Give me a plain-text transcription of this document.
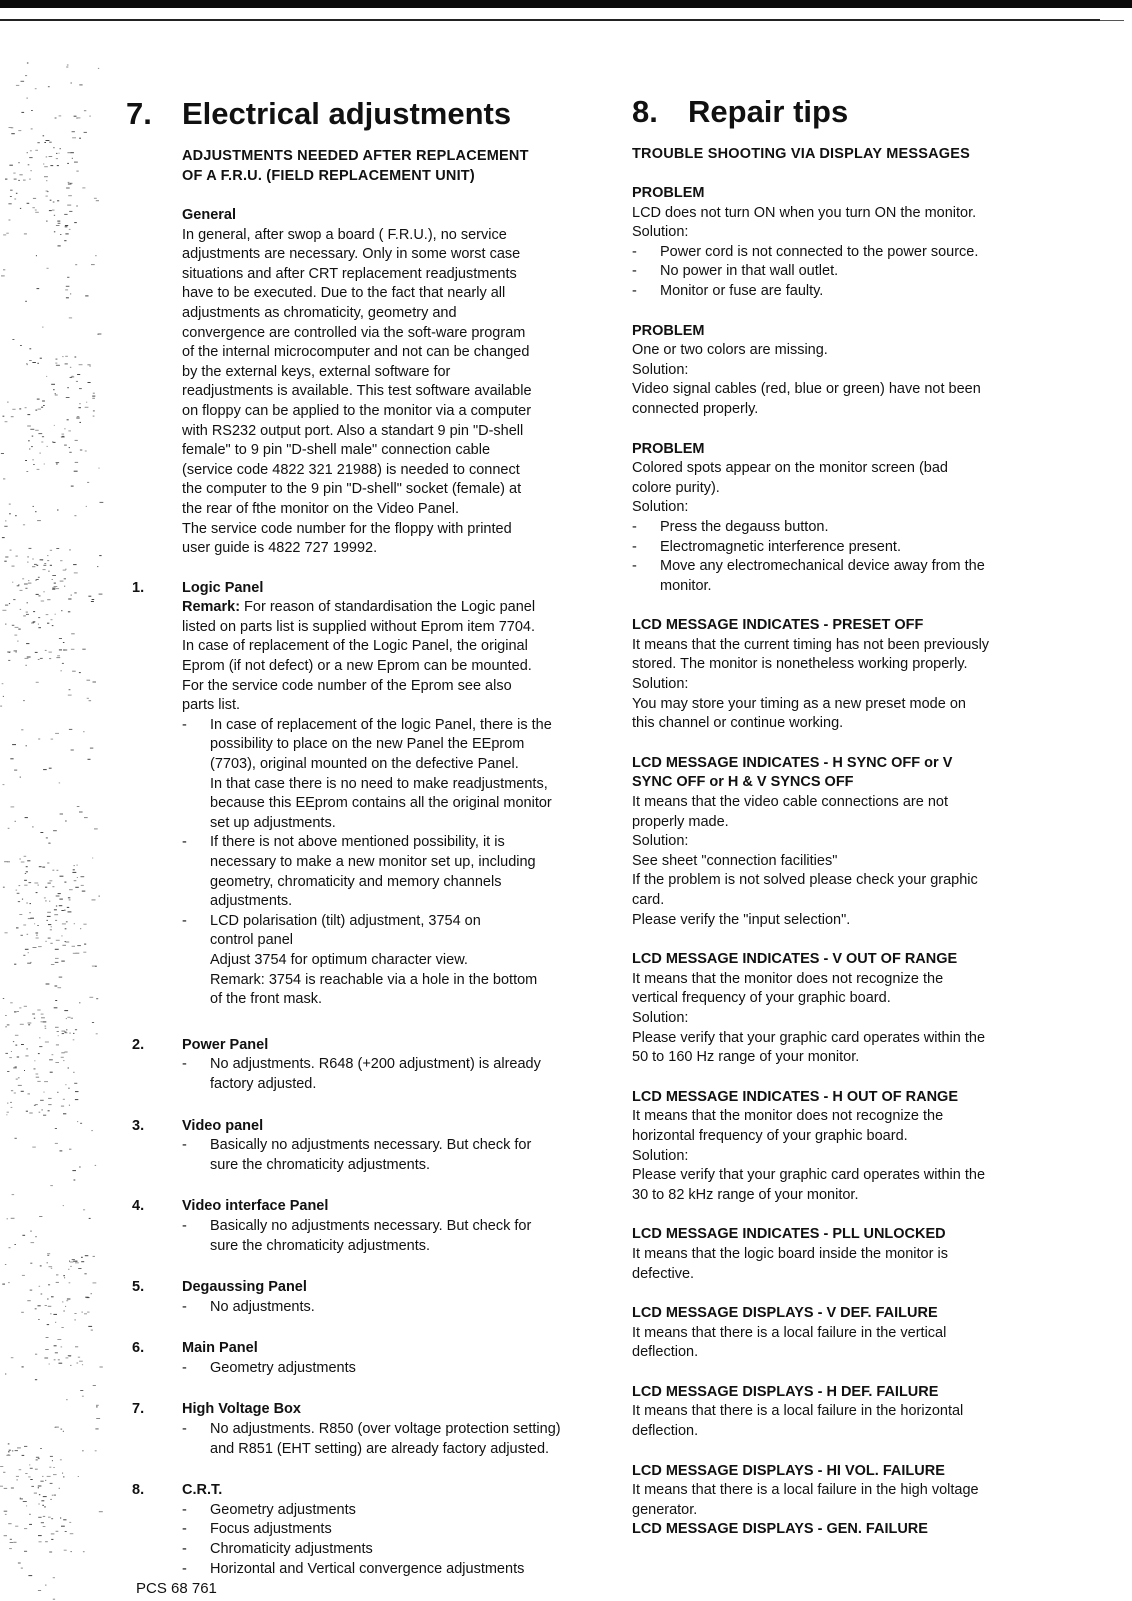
7. Electrical adjustments
ADJUSTMENTS NEEDED AFTER REPLACEMENT
OF A F.R.U. (FIELD REPLACEMENT UNIT)
General
In general, after swop a board ( F.R.U.), no service
adjustments are necessary. Only in some worst case
situations and after CRT replacement readjustments
have to be executed. Due to the fact that nearly all
adjustments as chromaticity, geometry and
convergence are controlled via the soft-ware program
of the internal microcomputer and not can be changed
by the external keys, external software for
readjustments is available. This test software available
on floppy can be applied to the monitor via a computer
with RS232 output port. Also a standart 9 pin "D-shell
female" to 9 pin "D-shell male" connection cable
(service code 4822 321 21988) is needed to connect
the computer to the 9 pin "D-shell" socket (female) at
the rear of fthe monitor on the Video Panel.
The service code number for the floppy with printed
user guide is 4822 727 19992.
1.	Logic Panel
Remark: For reason of standardisation the Logic panel
listed on parts list is supplied without Eprom item 7704.
In case of replacement of the Logic Panel, the original
Eprom (if not defect) or a new Eprom can be mounted.
For the service code number of the Eprom see also
parts list.
-	In case of replacement of the logic Panel, there is the
possibility to place on the new Panel the EEprom
(7703), original mounted on the defective Panel.
In that case there is no need to make readjustments,
because this EEprom contains all the original monitor
set up adjustments.
-	If there is not above mentioned possibility, it is
necessary to make a new monitor set up, including
geometry, chromaticity and memory channels
adjustments.
-	LCD polarisation (tilt) adjustment, 3754 on
control panel
Adjust 3754 for optimum character view.
Remark: 3754 is reachable via a hole in the bottom
of the front mask.
2.	Power Panel
-	No adjustments. R648 (+200 adjustment) is already
factory adjusted.
3.	Video panel
-	Basically no adjustments necessary. But check for
sure the chromaticity adjustments.
4.	Video interface Panel
-	Basically no adjustments necessary. But check for
sure the chromaticity adjustments.
5.	Degaussing Panel
-	No adjustments.
6.	Main Panel
-	Geometry adjustments
7.	High Voltage Box
-	No adjustments. R850 (over voltage protection setting)
and R851 (EHT setting) are already factory adjusted.
8.	C.R.T.
-	Geometry adjustments
-	Focus adjustments
-	Chromaticity adjustments
-	Horizontal and Vertical convergence adjustments
8. Repair tips
TROUBLE SHOOTING VIA DISPLAY MESSAGES
PROBLEM
LCD does not turn ON when you turn ON the monitor.
Solution:
-	Power cord is not connected to the power source.
-	No power in that wall outlet.
-	Monitor or fuse are faulty.
PROBLEM
One or two colors are missing.
Solution:
Video signal cables (red, blue or green) have not been
connected properly.
PROBLEM
Colored spots appear on the monitor screen (bad
colore purity).
Solution:
-	Press the degauss button.
-	Electromagnetic interference present.
-	Move any electromechanical device away from the
monitor.
LCD MESSAGE INDICATES - PRESET OFF
It means that the current timing has not been previously
stored. The monitor is nonetheless working properly.
Solution:
You may store your timing as a new preset mode on
this channel or continue working.
LCD MESSAGE INDICATES - H SYNC OFF or V
SYNC OFF or H & V SYNCS OFF
It means that the video cable connections are not
properly made.
Solution:
See sheet "connection facilities"
If the problem is not solved please check your graphic
card.
Please verify the "input selection".
LCD MESSAGE INDICATES - V OUT OF RANGE
It means that the monitor does not recognize the
vertical frequency of your graphic board.
Solution:
Please verify that your graphic card operates within the
50 to 160 Hz range of your monitor.
LCD MESSAGE INDICATES - H OUT OF RANGE
It means that the monitor does not recognize the
horizontal frequency of your graphic board.
Solution:
Please verify that your graphic card operates within the
30 to 82 kHz range of your monitor.
LCD MESSAGE INDICATES - PLL UNLOCKED
It means that the logic board inside the monitor is
defective.
LCD MESSAGE DISPLAYS - V DEF. FAILURE
It means that there is a local failure in the vertical
deflection.
LCD MESSAGE DISPLAYS - H DEF. FAILURE
It means that there is a local failure in the horizontal
deflection.
LCD MESSAGE DISPLAYS - HI VOL. FAILURE
It means that there is a local failure in the high voltage
generator.
LCD MESSAGE DISPLAYS - GEN. FAILURE
PCS 68 761
